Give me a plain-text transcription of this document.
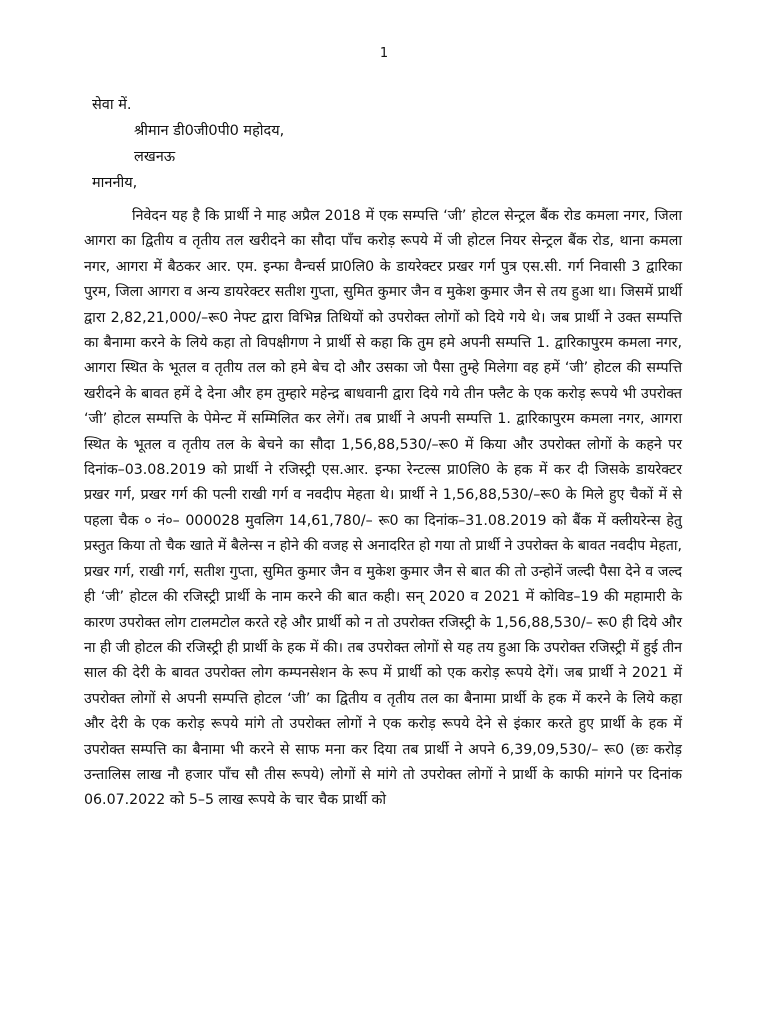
1
सेवा में.
श्रीमान डी0जी0पी0 महोदय,
लखनऊ
माननीय,

निवेदन यह है कि प्रार्थी ने माह अप्रैल 2018 में एक सम्पत्ति ‘जी’ होटल सेन्ट्रल बैंक रोड कमला नगर, जिला आगरा का द्वितीय व तृतीय तल खरीदने का सौदा पाँच करोड़ रूपये में जी होटल नियर सेन्ट्रल बैंक रोड, थाना कमला नगर, आगरा में बैठकर आर. एम. इन्फा वैन्चर्स प्रा0लि0 के डायरेक्टर प्रखर गर्ग पुत्र एस.सी. गर्ग निवासी 3 द्वारिका पुरम, जिला आगरा व अन्य डायरेक्टर सतीश गुप्ता, सुमित कुमार जैन व मुकेश कुमार जैन से तय हुआ था। जिसमें प्रार्थी द्वारा 2,82,21,000/–रू0 नेफ्ट द्वारा विभिन्न तिथियों को उपरोक्त लोगों को दिये गये थे। जब प्रार्थी ने उक्त सम्पत्ति का बैनामा करने के लिये कहा तो विपक्षीगण ने प्रार्थी से कहा कि तुम हमे अपनी सम्पत्ति 1. द्वारिकापुरम कमला नगर, आगरा स्थित के भूतल व तृतीय तल को हमे बेच दो और उसका जो पैसा तुम्हे मिलेगा वह हमें ‘जी’ होटल की सम्पत्ति खरीदने के बावत हमें दे देना और हम तुम्हारे महेन्द्र बाधवानी द्वारा दिये गये तीन फ्लैट के एक करोड़ रूपये भी उपरोक्त ‘जी’ होटल सम्पत्ति के पेमेन्ट में सम्मिलित कर लेगें। तब प्रार्थी ने अपनी सम्पत्ति 1. द्वारिकापुरम कमला नगर, आगरा स्थित के भूतल व तृतीय तल के बेचने का सौदा 1,56,88,530/–रू0 में किया और उपरोक्त लोगों के कहने पर दिनांक–03.08.2019 को प्रार्थी ने रजिस्ट्री एस.आर. इन्फा रेन्टल्स प्रा0लि0 के हक में कर दी जिसके डायरेक्टर प्रखर गर्ग, प्रखर गर्ग की पत्नी राखी गर्ग व नवदीप मेहता थे। प्रार्थी ने 1,56,88,530/–रू0 के मिले हुए चैकों में से पहला चैक ० नं०– 000028 मुवलिग 14,61,780/– रू0 का दिनांक–31.08.2019 को बैंक में क्लीयरेन्स हेतु प्रस्तुत किया तो चैक खाते में बैलेन्स न होने की वजह से अनादरित हो गया तो प्रार्थी ने उपरोक्त के बावत नवदीप मेहता, प्रखर गर्ग, राखी गर्ग, सतीश गुप्ता, सुमित कुमार जैन व मुकेश कुमार जैन से बात की तो उन्होनें जल्दी पैसा देने व जल्द ही ‘जी’ होटल की रजिस्ट्री प्रार्थी के नाम करने की बात कही। सन् 2020 व 2021 में कोविड–19 की महामारी के कारण उपरोक्त लोग टालमटोल करते रहे और प्रार्थी को न तो उपरोक्त रजिस्ट्री के 1,56,88,530/– रू0 ही दिये और ना ही जी होटल की रजिस्ट्री ही प्रार्थी के हक में की। तब उपरोक्त लोगों से यह तय हुआ कि उपरोक्त रजिस्ट्री में हुई तीन साल की देरी के बावत उपरोक्त लोग कम्पनसेशन के रूप में प्रार्थी को एक करोड़ रूपये देगें। जब प्रार्थी ने 2021 में उपरोक्त लोगों से अपनी सम्पत्ति होटल ‘जी’ का द्वितीय व तृतीय तल का बैनामा प्रार्थी के हक में करने के लिये कहा और देरी के एक करोड़ रूपये मांगे तो उपरोक्त लोगों ने एक करोड़ रूपये देने से इंकार करते हुए प्रार्थी के हक में उपरोक्त सम्पत्ति का बैनामा भी करने से साफ मना कर दिया तब प्रार्थी ने अपने 6,39,09,530/– रू0 (छः करोड़ उन्तालिस लाख नौ हजार पाँच सौ तीस रूपये) लोगों से मांगे तो उपरोक्त लोगों ने प्रार्थी के काफी मांगने पर दिनांक 06.07.2022 को 5–5 लाख रूपये के चार चैक प्रार्थी को
